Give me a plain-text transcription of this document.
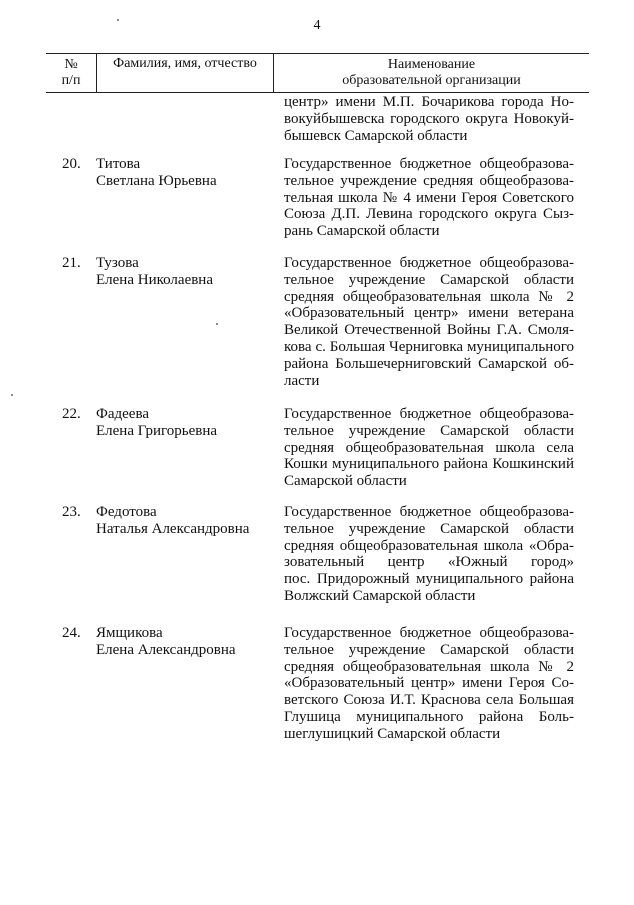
4
№
п/п
Фамилия, имя, отчество	Наименование
образовательной организации
центр» имени М.П. Бочарикова города Но-
вокуйбышевска городского округа Новокуй-
бышевск Самарской области
20. Титова
Светлана Юрьевна
Государственное бюджетное общеобразова-
тельное учреждение средняя общеобразова-
тельная школа № 4 имени Героя Советского
Союза Д.П. Левина городского округа Сыз-
рань Самарской области
21. Тузова
Елена Николаевна
Государственное бюджетное общеобразова-
тельное учреждение Самарской области
средняя общеобразовательная школа № 2
«Образовательный центр» имени ветерана
Великой Отечественной Войны Г.А. Смоля-
кова с. Большая Черниговка муниципального
района Большечерниговский Самарской об-
ласти
22. Фадеева
Елена Григорьевна
Государственное бюджетное общеобразова-
тельное учреждение Самарской области
средняя общеобразовательная школа села
Кошки муниципального района Кошкинский
Самарской области
23. Федотова
Наталья Александровна
Государственное бюджетное общеобразова-
тельное учреждение Самарской области
средняя общеобразовательная школа «Обра-
зовательный центр «Южный город»
пос. Придорожный муниципального района
Волжский Самарской области
24. Ямщикова
Елена Александровна
Государственное бюджетное общеобразова-
тельное учреждение Самарской области
средняя общеобразовательная школа № 2
«Образовательный центр» имени Героя Со-
ветского Союза И.Т. Краснова села Большая
Глушица муниципального района Боль-
шеглушицкий Самарской области
